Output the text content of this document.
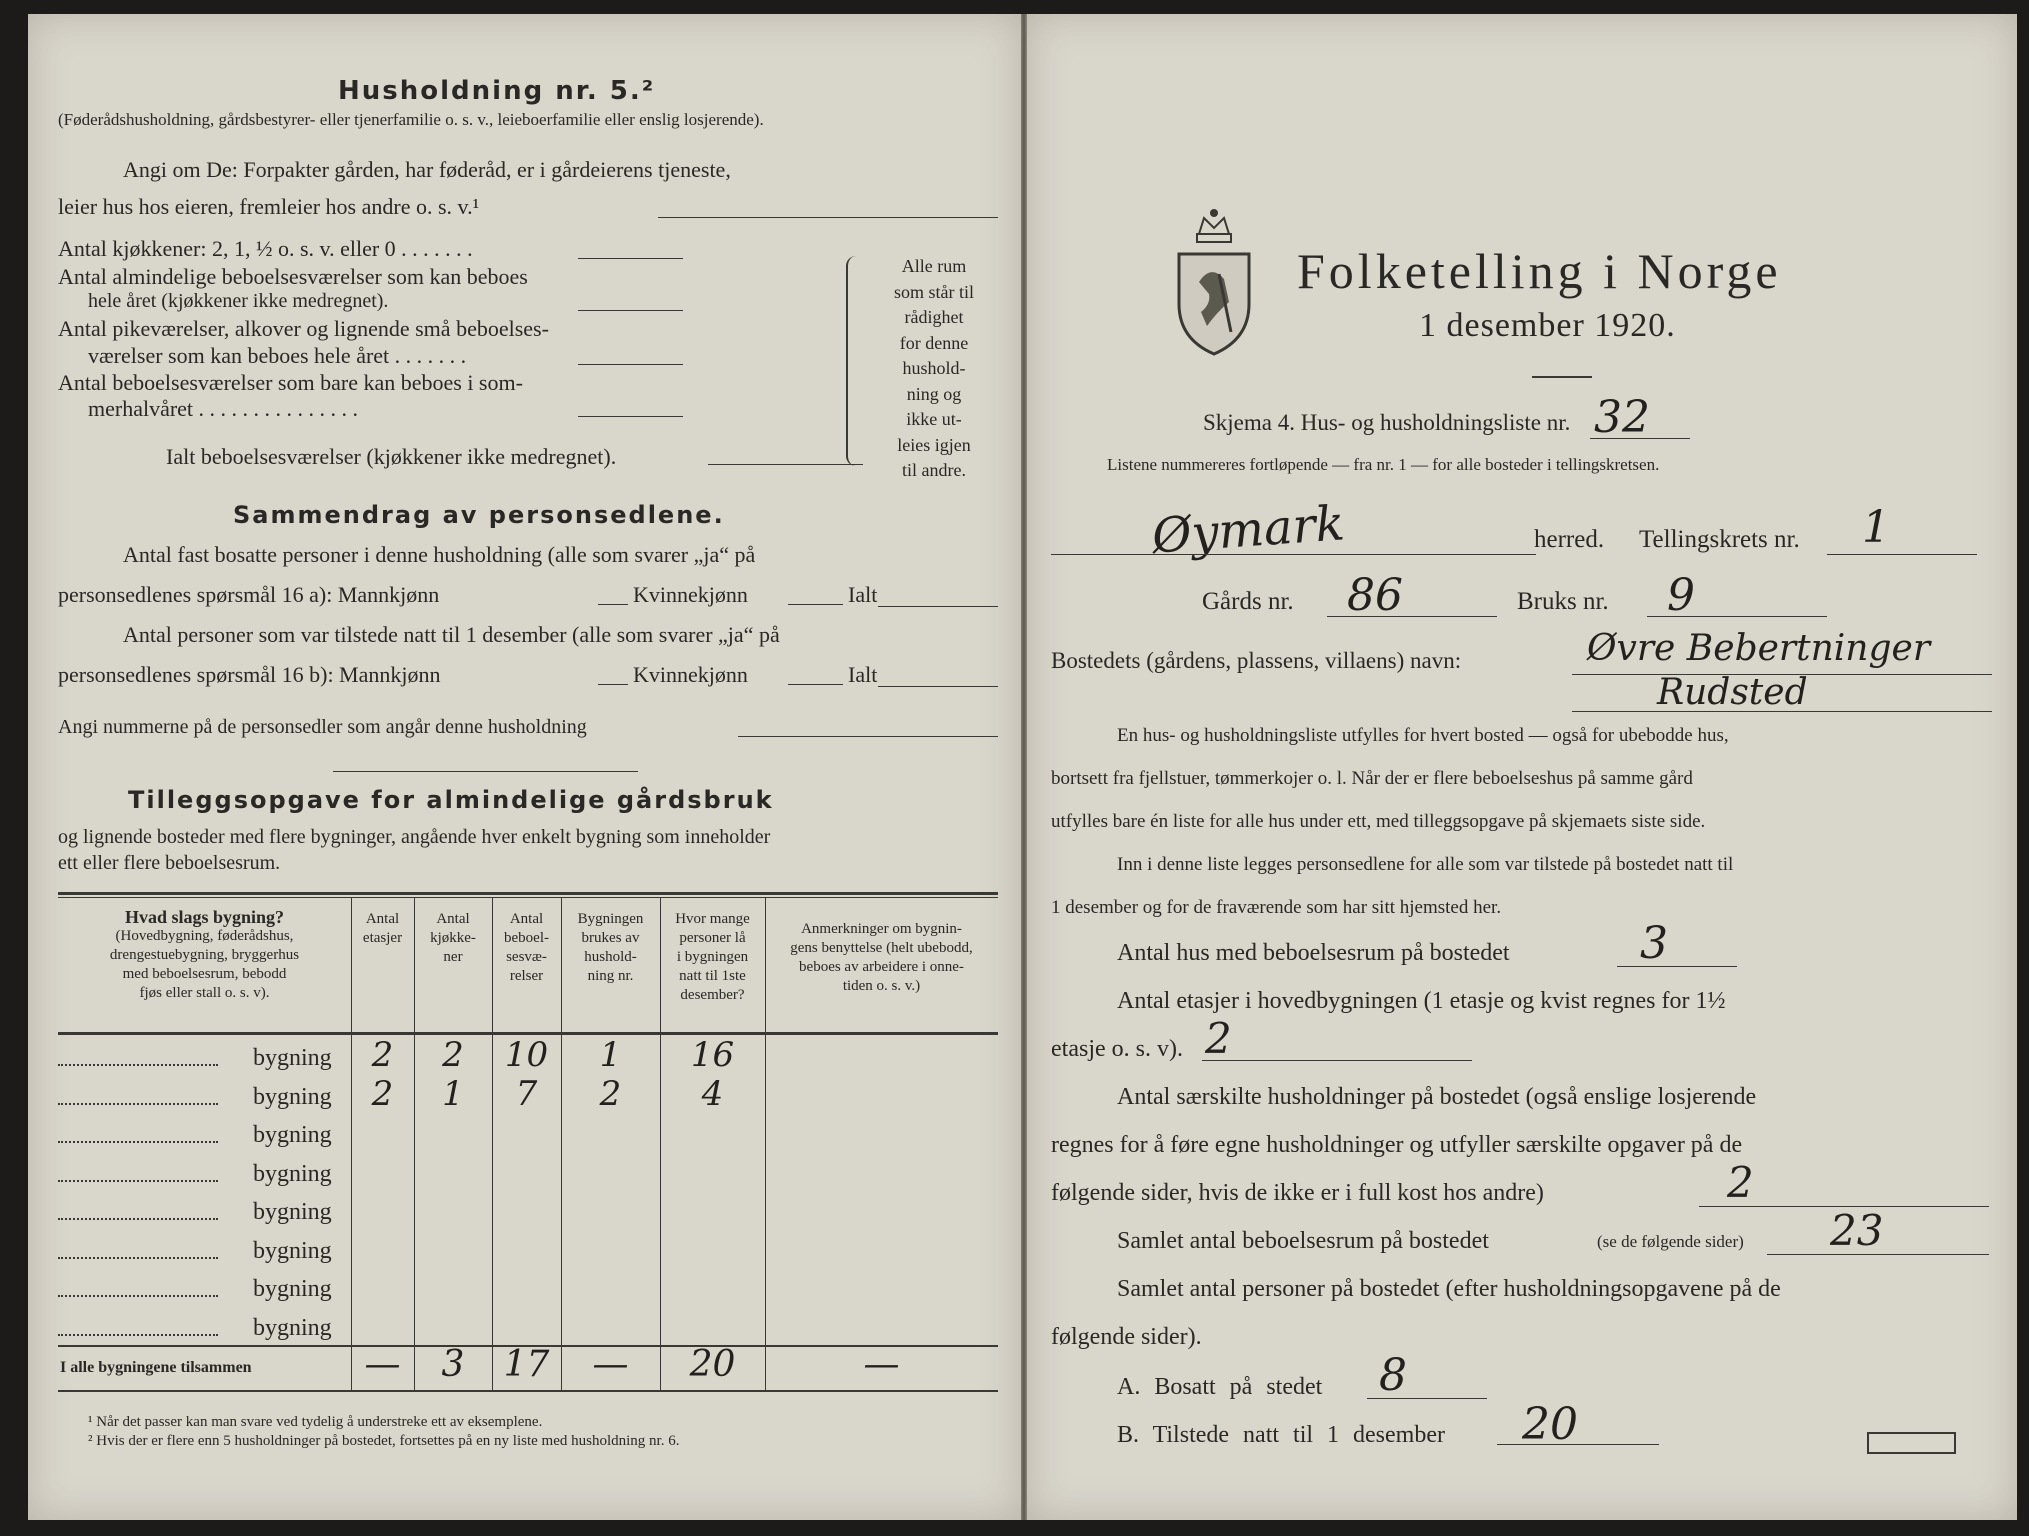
Husholdning nr. 5.²
(Føderådshusholdning, gårdsbestyrer- eller tjenerfamilie o. s. v., leieboerfamilie eller enslig losjerende).
Angi om De: Forpakter gården, har føderåd, er i gårdeierens tjeneste,
leier hus hos eieren, fremleier hos andre o. s. v.¹
Antal kjøkkener: 2, 1, ½ o. s. v. eller 0 . . . . . . .
Antal almindelige beboelsesværelser som kan beboes
hele året (kjøkkener ikke medregnet).
Antal pikeværelser, alkover og lignende små beboelses-
værelser som kan beboes hele året . . . . . . .
Antal beboelsesværelser som bare kan beboes i som-
merhalvåret . . . . . . . . . . . . . . .
Ialt beboelsesværelser (kjøkkener ikke medregnet).
Alle rum
som står til
rådighet
for denne
hushold-
ning og
ikke ut-
leies igjen
til andre.
Sammendrag av personsedlene.
Antal fast bosatte personer i denne husholdning (alle som svarer „ja“ på
personsedlenes spørsmål 16 a): Mannkjønn	Kvinnekjønn	Ialt
Antal personer som var tilstede natt til 1 desember (alle som svarer „ja“ på
personsedlenes spørsmål 16 b): Mannkjønn	Kvinnekjønn	Ialt
Angi nummerne på de personsedler som angår denne husholdning
Tilleggsopgave for almindelige gårdsbruk
og lignende bosteder med flere bygninger, angående hver enkelt bygning som inneholder
ett eller flere beboelsesrum.
Hvad slags bygning?
(Hovedbygning, føderådshus,
drengestuebygning, bryggerhus
med beboelsesrum, bebodd
fjøs eller stall o. s. v).
Antal
etasjer
Antal
kjøkke-
ner
Antal
beboel-
sesvæ-
relser
Bygningen
brukes av
hushold-
ning nr.
Hvor mange
personer lå
i bygningen
natt til 1ste
desember?
Anmerkninger om bygnin-
gens benyttelse (helt ubebodd,
beboes av arbeidere i onne-
tiden o. s. v.)
bygning	2	2	10	1	16
bygning	2	1	7	2	4
bygning
bygning
bygning
bygning
bygning
bygning
I alle bygningene tilsammen	—	3	17	—	20	—
¹ Når det passer kan man svare ved tydelig å understreke ett av eksemplene.
² Hvis der er flere enn 5 husholdninger på bostedet, fortsettes på en ny liste med husholdning nr. 6.
Folketelling i Norge
1 desember 1920.
Skjema 4. Hus- og husholdningsliste nr. 32
Listene nummereres fortløpende — fra nr. 1 — for alle bosteder i tellingskretsen.
Øymark	herred. Tellingskrets nr. 1
Gårds nr. 86	Bruks nr. 9
Bostedets (gårdens, plassens, villaens) navn:	Øvre Bebertninger
Rudsted
En hus- og husholdningsliste utfylles for hvert bosted — også for ubebodde hus,
bortsett fra fjellstuer, tømmerkojer o. l. Når der er flere beboelseshus på samme gård
utfylles bare én liste for alle hus under ett, med tilleggsopgave på skjemaets siste side.
Inn i denne liste legges personsedlene for alle som var tilstede på bostedet natt til
1 desember og for de fraværende som har sitt hjemsted her.
Antal hus med beboelsesrum på bostedet	3
Antal etasjer i hovedbygningen (1 etasje og kvist regnes for 1½
etasje o. s. v). 2
Antal særskilte husholdninger på bostedet (også enslige losjerende
regnes for å føre egne husholdninger og utfyller særskilte opgaver på de
følgende sider, hvis de ikke er i full kost hos andre)	2
Samlet antal beboelsesrum på bostedet	(se de følgende sider) 23
Samlet antal personer på bostedet (efter husholdningsopgavene på de
følgende sider).
A. Bosatt på stedet 8
B. Tilstede natt til 1 desember 20
